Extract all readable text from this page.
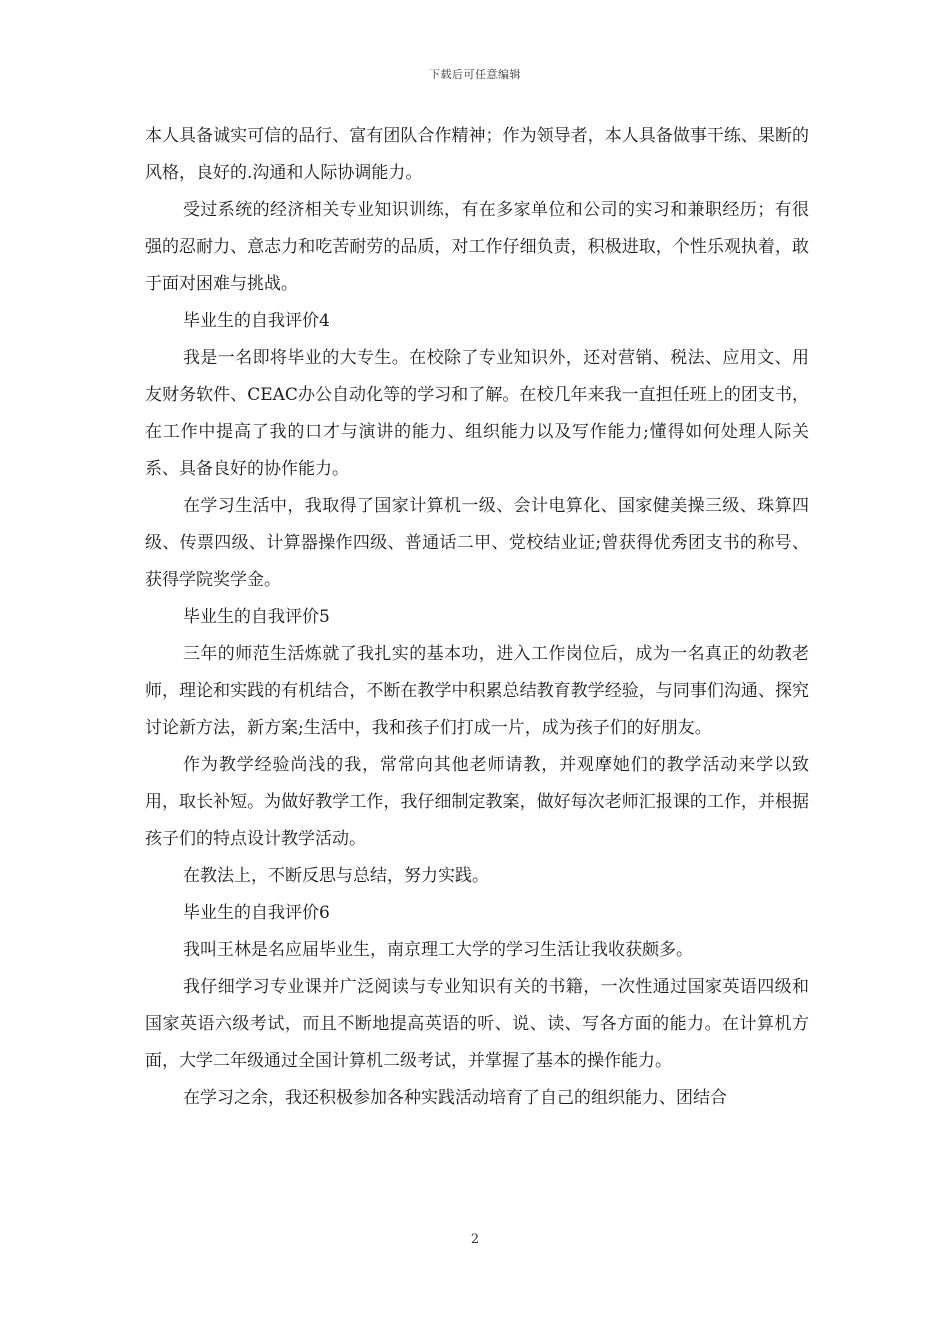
下载后可任意编辑

本人具备诚实可信的品行、富有团队合作精神；作为领导者，本人具备做事干练、果断的风格，良好的.沟通和人际协调能力。

受过系统的经济相关专业知识训练，有在多家单位和公司的实习和兼职经历；有很强的忍耐力、意志力和吃苦耐劳的品质，对工作仔细负责，积极进取，个性乐观执着，敢于面对困难与挑战。

毕业生的自我评价4

我是一名即将毕业的大专生。在校除了专业知识外，还对营销、税法、应用文、用友财务软件、CEAC办公自动化等的学习和了解。在校几年来我一直担任班上的团支书，在工作中提高了我的口才与演讲的能力、组织能力以及写作能力;懂得如何处理人际关系、具备良好的协作能力。

在学习生活中，我取得了国家计算机一级、会计电算化、国家健美操三级、珠算四级、传票四级、计算器操作四级、普通话二甲、党校结业证;曾获得优秀团支书的称号、获得学院奖学金。

毕业生的自我评价5

三年的师范生活炼就了我扎实的基本功，进入工作岗位后，成为一名真正的幼教老师，理论和实践的有机结合，不断在教学中积累总结教育教学经验，与同事们沟通、探究讨论新方法，新方案;生活中，我和孩子们打成一片，成为孩子们的好朋友。

作为教学经验尚浅的我，常常向其他老师请教，并观摩她们的教学活动来学以致用，取长补短。为做好教学工作，我仔细制定教案，做好每次老师汇报课的工作，并根据孩子们的特点设计教学活动。

在教法上，不断反思与总结，努力实践。

毕业生的自我评价6

我叫王林是名应届毕业生，南京理工大学的学习生活让我收获颇多。

我仔细学习专业课并广泛阅读与专业知识有关的书籍，一次性通过国家英语四级和国家英语六级考试，而且不断地提高英语的听、说、读、写各方面的能力。在计算机方面，大学二年级通过全国计算机二级考试，并掌握了基本的操作能力。

在学习之余，我还积极参加各种实践活动培育了自己的组织能力、团结合

2
